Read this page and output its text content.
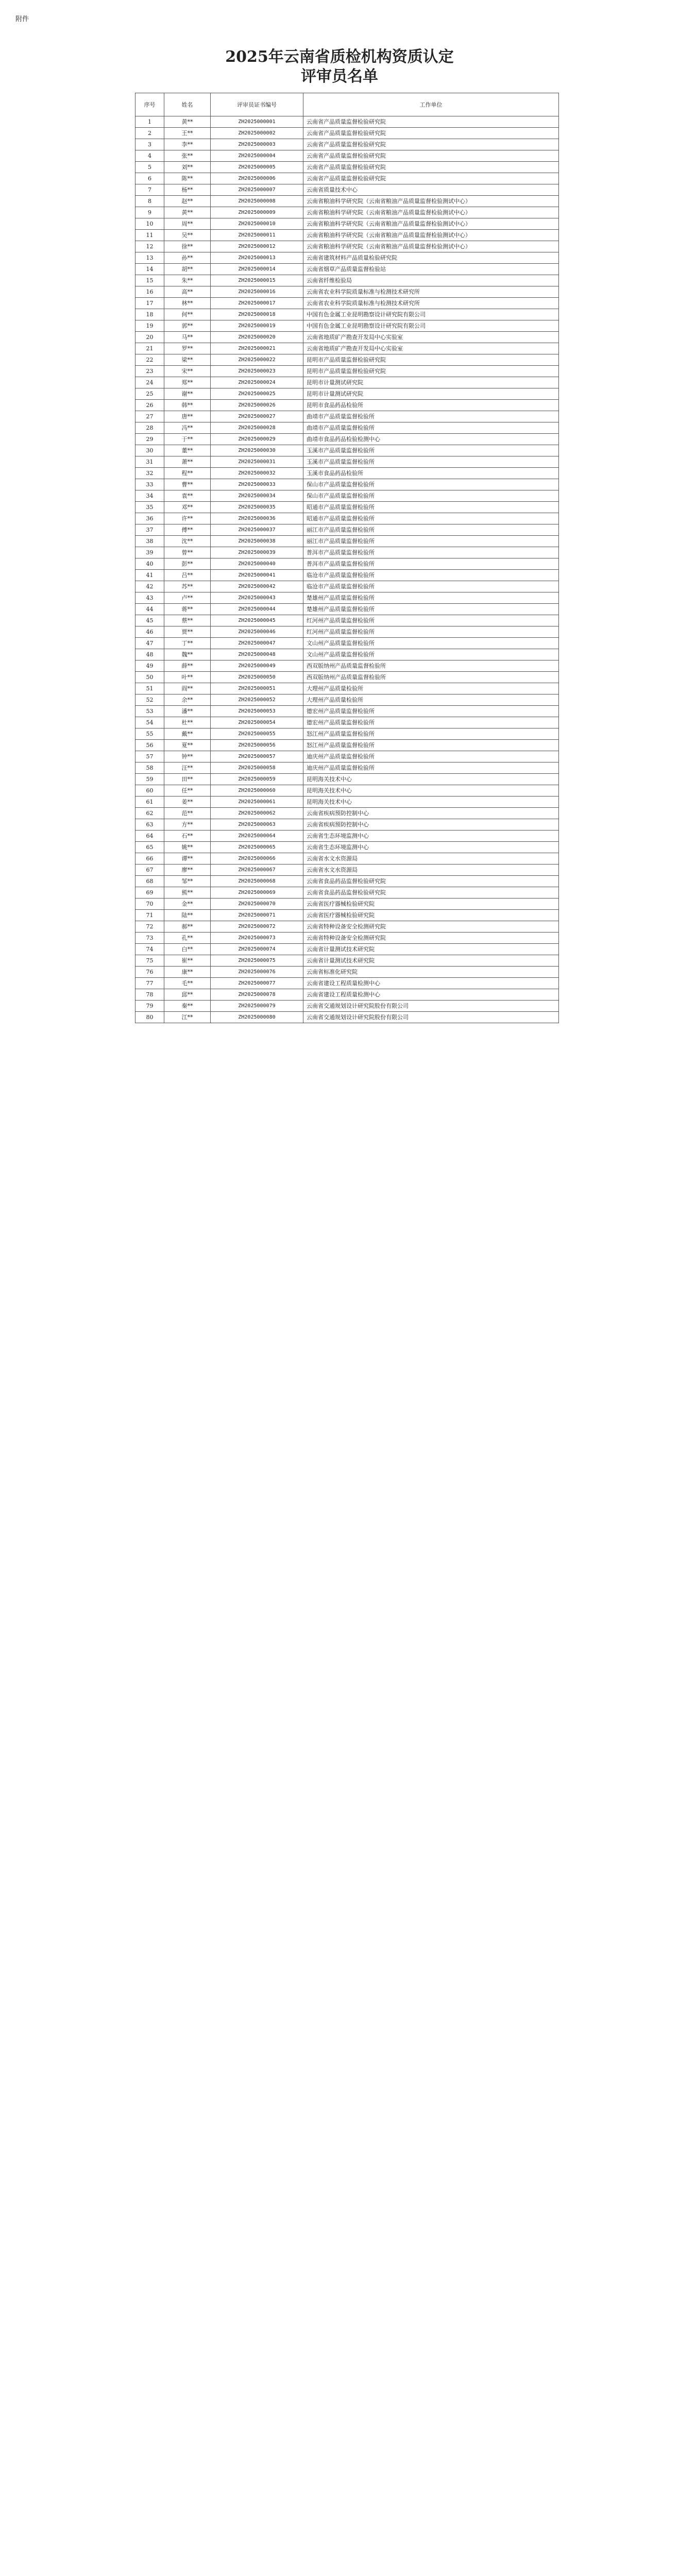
附件
2025年云南省质检机构资质认定
评审员名单
序号	姓名	评审员证书编号	工作单位
1	黄**	ZH2025000001	云南省产品质量监督检验研究院
2	王**	ZH2025000002	云南省产品质量监督检验研究院
3	李**	ZH2025000003	云南省产品质量监督检验研究院
4	张**	ZH2025000004	云南省产品质量监督检验研究院
5	刘**	ZH2025000005	云南省产品质量监督检验研究院
6	陈**	ZH2025000006	云南省产品质量监督检验研究院
7	杨**	ZH2025000007	云南省质量技术中心
8	赵**	ZH2025000008	云南省粮油科学研究院（云南省粮油产品质量监督检验测试中心）
9	黄**	ZH2025000009	云南省粮油科学研究院（云南省粮油产品质量监督检验测试中心）
10	周**	ZH2025000010	云南省粮油科学研究院（云南省粮油产品质量监督检验测试中心）
11	吴**	ZH2025000011	云南省粮油科学研究院（云南省粮油产品质量监督检验测试中心）
12	徐**	ZH2025000012	云南省粮油科学研究院（云南省粮油产品质量监督检验测试中心）
13	孙**	ZH2025000013	云南省建筑材料产品质量检验研究院
14	胡**	ZH2025000014	云南省烟草产品质量监督检验站
15	朱**	ZH2025000015	云南省纤维检验局
16	高**	ZH2025000016	云南省农业科学院质量标准与检测技术研究所
17	林**	ZH2025000017	云南省农业科学院质量标准与检测技术研究所
18	何**	ZH2025000018	中国有色金属工业昆明勘察设计研究院有限公司
19	郭**	ZH2025000019	中国有色金属工业昆明勘察设计研究院有限公司
20	马**	ZH2025000020	云南省地质矿产勘查开发局中心实验室
21	罗**	ZH2025000021	云南省地质矿产勘查开发局中心实验室
22	梁**	ZH2025000022	昆明市产品质量监督检验研究院
23	宋**	ZH2025000023	昆明市产品质量监督检验研究院
24	郑**	ZH2025000024	昆明市计量测试研究院
25	谢**	ZH2025000025	昆明市计量测试研究院
26	韩**	ZH2025000026	昆明市食品药品检验所
27	唐**	ZH2025000027	曲靖市产品质量监督检验所
28	冯**	ZH2025000028	曲靖市产品质量监督检验所
29	于**	ZH2025000029	曲靖市食品药品检验检测中心
30	董**	ZH2025000030	玉溪市产品质量监督检验所
31	萧**	ZH2025000031	玉溪市产品质量监督检验所
32	程**	ZH2025000032	玉溪市食品药品检验所
33	曹**	ZH2025000033	保山市产品质量监督检验所
34	袁**	ZH2025000034	保山市产品质量监督检验所
35	邓**	ZH2025000035	昭通市产品质量监督检验所
36	许**	ZH2025000036	昭通市产品质量监督检验所
37	傅**	ZH2025000037	丽江市产品质量监督检验所
38	沈**	ZH2025000038	丽江市产品质量监督检验所
39	曾**	ZH2025000039	普洱市产品质量监督检验所
40	彭**	ZH2025000040	普洱市产品质量监督检验所
41	吕**	ZH2025000041	临沧市产品质量监督检验所
42	苏**	ZH2025000042	临沧市产品质量监督检验所
43	卢**	ZH2025000043	楚雄州产品质量监督检验所
44	蒋**	ZH2025000044	楚雄州产品质量监督检验所
45	蔡**	ZH2025000045	红河州产品质量监督检验所
46	贾**	ZH2025000046	红河州产品质量监督检验所
47	丁**	ZH2025000047	文山州产品质量监督检验所
48	魏**	ZH2025000048	文山州产品质量监督检验所
49	薛**	ZH2025000049	西双版纳州产品质量监督检验所
50	叶**	ZH2025000050	西双版纳州产品质量监督检验所
51	阎**	ZH2025000051	大理州产品质量检验所
52	余**	ZH2025000052	大理州产品质量检验所
53	潘**	ZH2025000053	德宏州产品质量监督检验所
54	杜**	ZH2025000054	德宏州产品质量监督检验所
55	戴**	ZH2025000055	怒江州产品质量监督检验所
56	夏**	ZH2025000056	怒江州产品质量监督检验所
57	钟**	ZH2025000057	迪庆州产品质量监督检验所
58	汪**	ZH2025000058	迪庆州产品质量监督检验所
59	田**	ZH2025000059	昆明海关技术中心
60	任**	ZH2025000060	昆明海关技术中心
61	姜**	ZH2025000061	昆明海关技术中心
62	范**	ZH2025000062	云南省疾病预防控制中心
63	方**	ZH2025000063	云南省疾病预防控制中心
64	石**	ZH2025000064	云南省生态环境监测中心
65	姚**	ZH2025000065	云南省生态环境监测中心
66	谭**	ZH2025000066	云南省水文水资源局
67	廖**	ZH2025000067	云南省水文水资源局
68	邹**	ZH2025000068	云南省食品药品监督检验研究院
69	熊**	ZH2025000069	云南省食品药品监督检验研究院
70	金**	ZH2025000070	云南省医疗器械检验研究院
71	陆**	ZH2025000071	云南省医疗器械检验研究院
72	郝**	ZH2025000072	云南省特种设备安全检测研究院
73	孔**	ZH2025000073	云南省特种设备安全检测研究院
74	白**	ZH2025000074	云南省计量测试技术研究院
75	崔**	ZH2025000075	云南省计量测试技术研究院
76	康**	ZH2025000076	云南省标准化研究院
77	毛**	ZH2025000077	云南省建设工程质量检测中心
78	邱**	ZH2025000078	云南省建设工程质量检测中心
79	秦**	ZH2025000079	云南省交通规划设计研究院股份有限公司
80	江**	ZH2025000080	云南省交通规划设计研究院股份有限公司
